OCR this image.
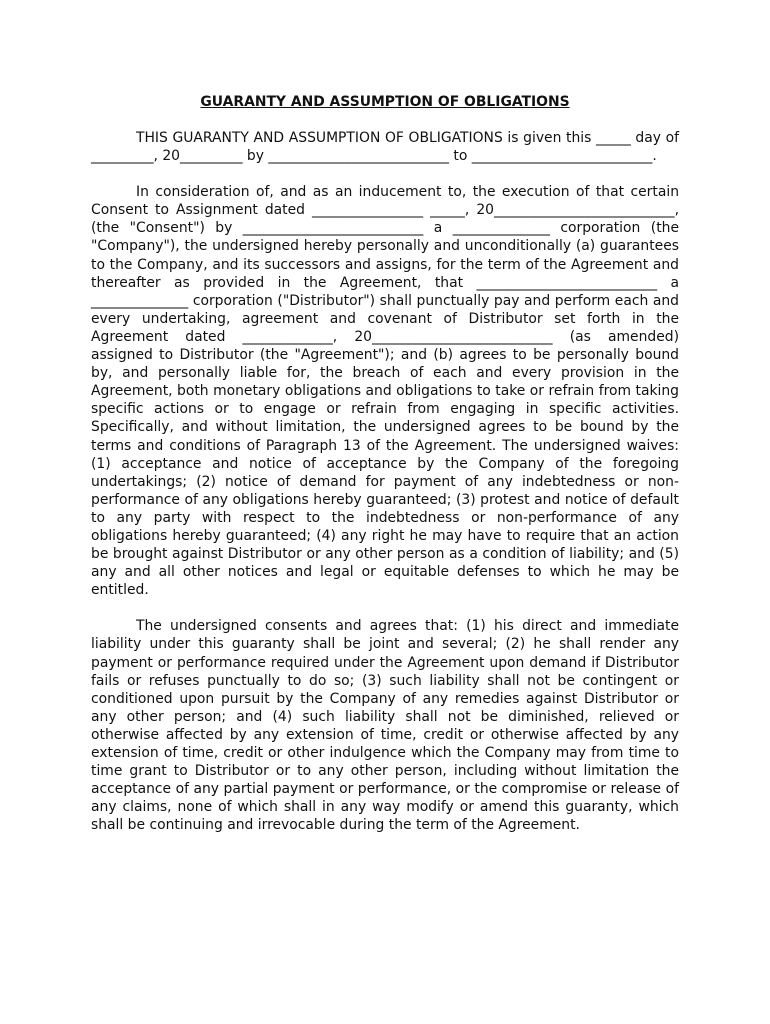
GUARANTY AND ASSUMPTION OF OBLIGATIONS

THIS GUARANTY AND ASSUMPTION OF OBLIGATIONS is given this _____ day of _________, 20_________ by __________________________ to __________________________.

In consideration of, and as an inducement to, the execution of that certain Consent to Assignment dated ________________ _____, 20__________________________, (the "Consent") by __________________________ a ______________ corporation (the "Company"), the undersigned hereby personally and unconditionally (a) guarantees to the Company, and its successors and assigns, for the term of the Agreement and thereafter as provided in the Agreement, that __________________________ a ______________ corporation ("Distributor") shall punctually pay and perform each and every undertaking, agreement and covenant of Distributor set forth in the Agreement dated _____________, 20__________________________ (as amended) assigned to Distributor (the "Agreement"); and (b) agrees to be personally bound by, and personally liable for, the breach of each and every provision in the Agreement, both monetary obligations and obligations to take or refrain from taking specific actions or to engage or refrain from engaging in specific activities. Specifically, and without limitation, the undersigned agrees to be bound by the terms and conditions of Paragraph 13 of the Agreement. The undersigned waives: (1) acceptance and notice of acceptance by the Company of the foregoing undertakings; (2) notice of demand for payment of any indebtedness or non-performance of any obligations hereby guaranteed; (3) protest and notice of default to any party with respect to the indebtedness or non-performance of any obligations hereby guaranteed; (4) any right he may have to require that an action be brought against Distributor or any other person as a condition of liability; and (5) any and all other notices and legal or equitable defenses to which he may be entitled.

The undersigned consents and agrees that: (1) his direct and immediate liability under this guaranty shall be joint and several; (2) he shall render any payment or performance required under the Agreement upon demand if Distributor fails or refuses punctually to do so; (3) such liability shall not be contingent or conditioned upon pursuit by the Company of any remedies against Distributor or any other person; and (4) such liability shall not be diminished, relieved or otherwise affected by any extension of time, credit or otherwise affected by any extension of time, credit or other indulgence which the Company may from time to time grant to Distributor or to any other person, including without limitation the acceptance of any partial payment or performance, or the compromise or release of any claims, none of which shall in any way modify or amend this guaranty, which shall be continuing and irrevocable during the term of the Agreement.
